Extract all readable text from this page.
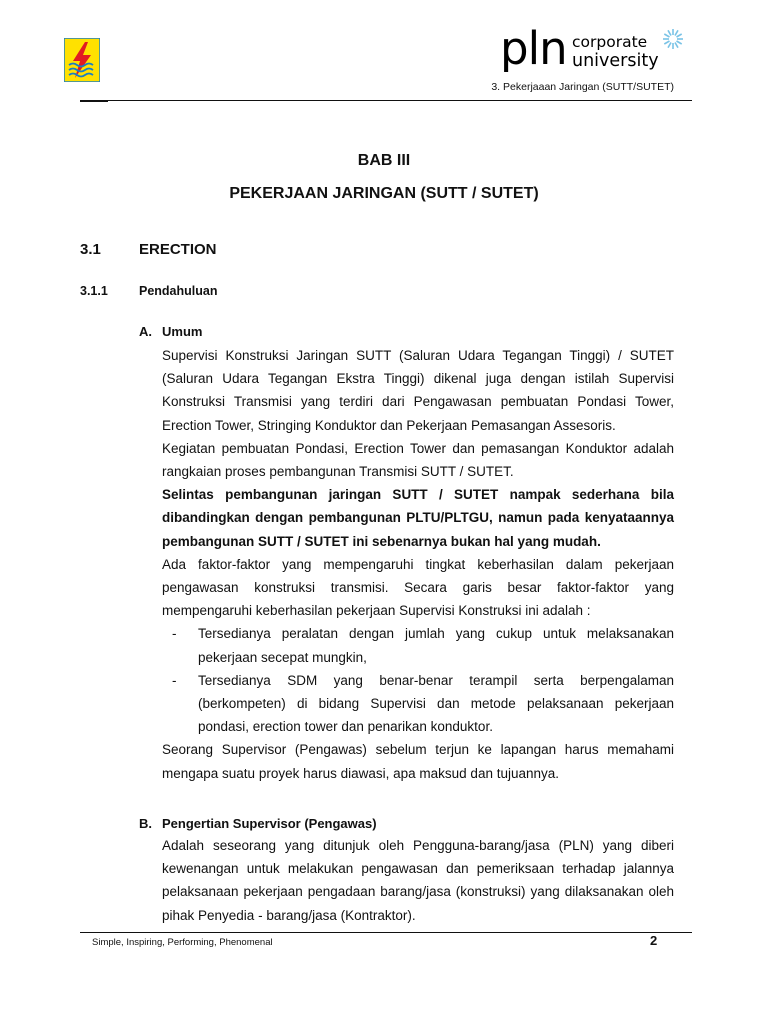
pln corporate
university
3. Pekerjaaan Jaringan (SUTT/SUTET)
BAB III
PEKERJAAN JARINGAN (SUTT / SUTET)
3.1	ERECTION
3.1.1 Pendahuluan
A. Umum

Supervisi Konstruksi Jaringan SUTT (Saluran Udara Tegangan Tinggi) / SUTET (Saluran Udara Tegangan Ekstra Tinggi) dikenal juga dengan istilah Supervisi Konstruksi Transmisi yang terdiri dari Pengawasan pembuatan Pondasi Tower, Erection Tower, Stringing Konduktor dan Pekerjaan Pemasangan Assesoris.

Kegiatan pembuatan Pondasi, Erection Tower dan pemasangan Konduktor adalah rangkaian proses pembangunan Transmisi SUTT / SUTET.

Selintas pembangunan jaringan SUTT / SUTET nampak sederhana bila dibandingkan dengan pembangunan PLTU/PLTGU, namun pada kenyataannya pembangunan SUTT / SUTET ini sebenarnya bukan hal yang mudah.

Ada faktor-faktor yang mempengaruhi tingkat keberhasilan dalam pekerjaan pengawasan konstruksi transmisi. Secara garis besar faktor-faktor yang mempengaruhi keberhasilan pekerjaan Supervisi Konstruksi ini adalah :

-	Tersedianya peralatan dengan jumlah yang cukup untuk melaksanakan pekerjaan secepat mungkin,
-	Tersedianya SDM yang benar-benar terampil serta berpengalaman (berkompeten) di bidang Supervisi dan metode pelaksanaan pekerjaan pondasi, erection tower dan penarikan konduktor.

Seorang Supervisor (Pengawas) sebelum terjun ke lapangan harus memahami mengapa suatu proyek harus diawasi, apa maksud dan tujuannya.

B. Pengertian Supervisor (Pengawas)

Adalah seseorang yang ditunjuk oleh Pengguna-barang/jasa (PLN) yang diberi kewenangan untuk melakukan pengawasan dan pemeriksaan terhadap jalannya pelaksanaan pekerjaan pengadaan barang/jasa (konstruksi) yang dilaksanakan oleh pihak Penyedia - barang/jasa (Kontraktor).

Simple, Inspiring, Performing, Phenomenal	2
